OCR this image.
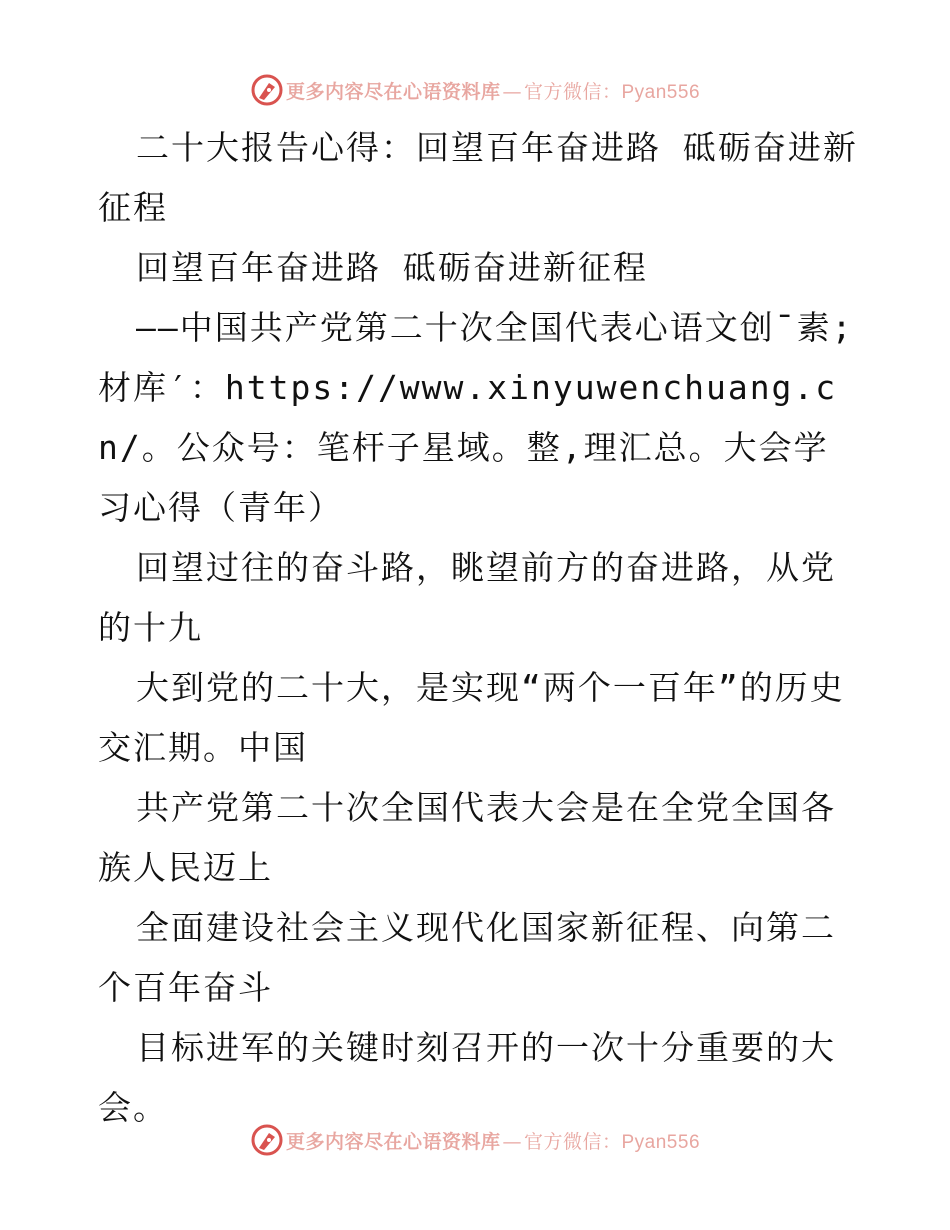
更多内容尽在心语资料库 — 官方微信：Pyan556

二十大报告心得：回望百年奋进路 砥砺奋进新征程

回望百年奋进路 砥砺奋进新征程

——中国共产党第二十次全国代表心语文创¯素;材库′：https://www.xinyuwenchuang.cn/。公众号：笔杆子星域。整,理汇总。大会学习心得（青年）

回望过往的奋斗路，眺望前方的奋进路，从党的十九

大到党的二十大，是实现“两个一百年”的历史交汇期。中国

共产党第二十次全国代表大会是在全党全国各族人民迈上

全面建设社会主义现代化国家新征程、向第二个百年奋斗

目标进军的关键时刻召开的一次十分重要的大会。

更多内容尽在心语资料库 — 官方微信：Pyan556
